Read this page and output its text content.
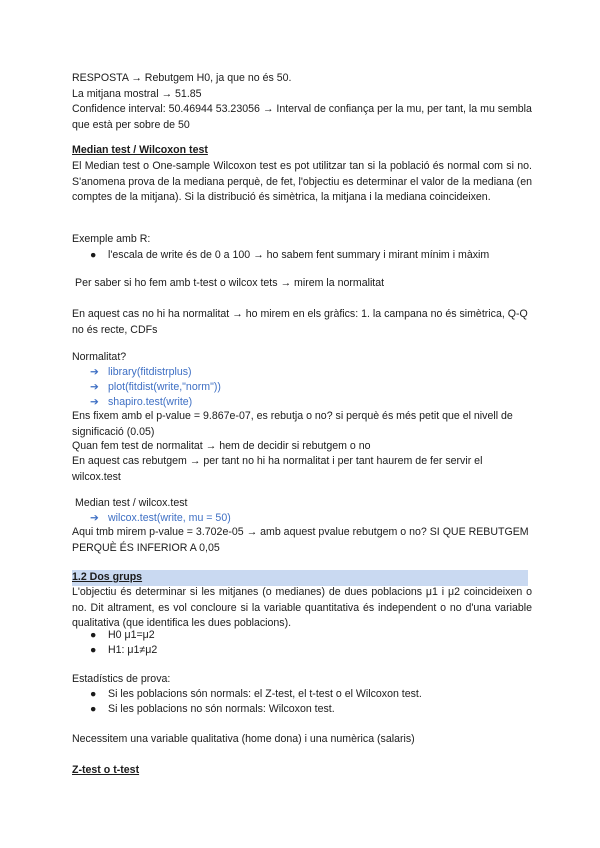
RESPOSTA → Rebutgem H0, ja que no és 50.
La mitjana mostral → 51.85
Confidence interval: 50.46944 53.23056 → Interval de confiança per la mu, per tant, la mu sembla que està per sobre de 50
Median test / Wilcoxon test
El Median test o One-sample Wilcoxon test es pot utilitzar tan si la població és normal com si no. S'anomena prova de la mediana perquè, de fet, l'objectiu es determinar el valor de la mediana (en comptes de la mitjana). Si la distribució és simètrica, la mitjana i la mediana coincideixen.
Exemple amb R:
● l'escala de write és de 0 a 100 → ho sabem fent summary i mirant mínim i màxim
Per saber si ho fem amb t-test o wilcox tets → mirem la normalitat
En aquest cas no hi ha normalitat → ho mirem en els gràfics: 1. la campana no és simètrica, Q-Q no és recte, CDFs
Normalitat?
➔ library(fitdistrplus)
➔ plot(fitdist(write,"norm"))
➔ shapiro.test(write)
Ens fixem amb el p-value = 9.867e-07, es rebutja o no? si perquè és més petit que el nivell de significació (0.05)
Quan fem test de normalitat → hem de decidir si rebutgem o no
En aquest cas rebutgem → per tant no hi ha normalitat i per tant haurem de fer servir el wilcox.test
Median test / wilcox.test
➔ wilcox.test(write, mu = 50)
Aqui tmb mirem p-value = 3.702e-05 → amb aquest pvalue rebutgem o no? SI QUE REBUTGEM PERQUÈ ÉS INFERIOR A 0,05
1.2 Dos grups
L'objectiu és determinar si les mitjanes (o medianes) de dues poblacions μ1 i μ2 coincideixen o no. Dit altrament, es vol concloure si la variable quantitativa és independent o no d'una variable qualitativa (que identifica les dues poblacions).
● H0 μ1=μ2
● H1: μ1≠μ2
Estadístics de prova:
● Si les poblacions són normals: el Z-test, el t-test o el Wilcoxon test.
● Si les poblacions no són normals: Wilcoxon test.
Necessitem una variable qualitativa (home dona) i una numèrica (salaris)
Z-test o t-test
